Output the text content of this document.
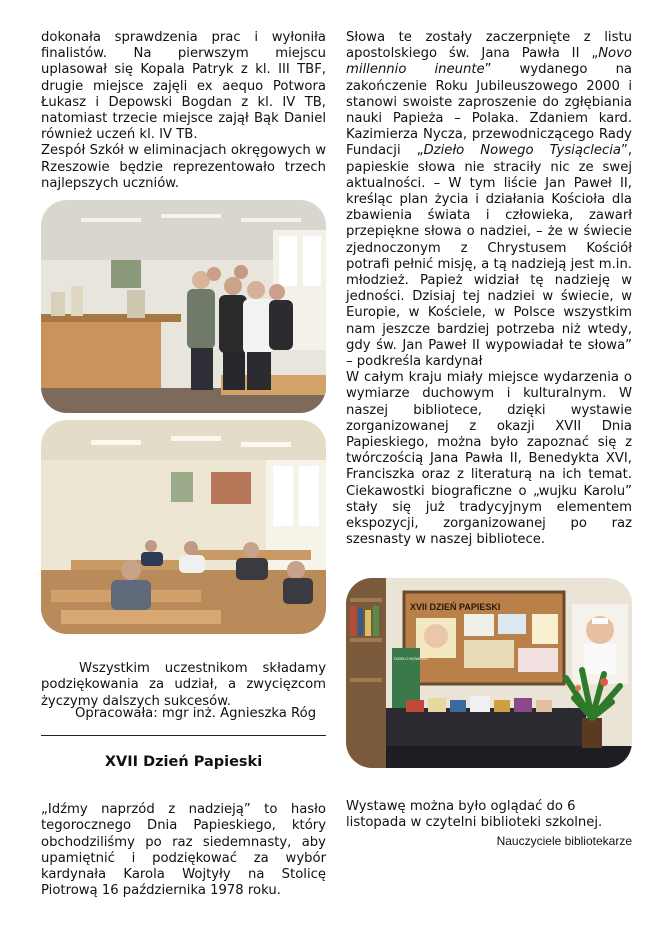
dokonała sprawdzenia prac i wyłoniła finalistów. Na pierwszym miejscu uplasował się Kopala Patryk z kl. III TBF, drugie miejsce zajęli ex aequo Potwora Łukasz i Depowski Bogdan z kl. IV TB, natomiast trzecie miejsce zajął Bąk Daniel również uczeń kl. IV TB.

Zespół Szkół w eliminacjach okręgowych w Rzeszowie będzie reprezentowało trzech najlepszych uczniów.

Wszystkim uczestnikom składamy podziękowania za udział, a zwycięzcom życzymy dalszych sukcesów.

Opracowała: mgr inż. Agnieszka Róg
XVII Dzień Papieski

„Idźmy naprzód z nadzieją” to hasło tegorocznego Dnia Papieskiego, który obchodziliśmy po raz siedemnasty, aby upamiętnić i podziękować za wybór kardynała Karola Wojtyły na Stolicę Piotrową 16 października 1978 roku.

Słowa te zostały zaczerpnięte z listu apostolskiego św. Jana Pawła II „Novo millennio ineunte” wydanego na zakończenie Roku Jubileuszowego 2000 i stanowi swoiste zaproszenie do zgłębiania nauki Papieża – Polaka. Zdaniem kard. Kazimierza Nycza, przewodniczącego Rady Fundacji „Dzieło Nowego Tysiąclecia”, papieskie słowa nie straciły nic ze swej aktualności. – W tym liście Jan Paweł II, kreśląc plan życia i działania Kościoła dla zbawienia świata i człowieka, zawarł przepiękne słowa o nadziei, – że w świecie zjednoczonym z Chrystusem Kościół potrafi pełnić misję, a tą nadzieją jest m.in. młodzież. Papież widział tę nadzieję w jedności. Dzisiaj tej nadziei w świecie, w Europie, w Kościele, w Polsce wszystkim nam jeszcze bardziej potrzeba niż wtedy, gdy św. Jan Paweł II wypowiadał te słowa” – podkreśla kardynał

W całym kraju miały miejsce wydarzenia o wymiarze duchowym i kulturalnym. W naszej bibliotece, dzięki wystawie zorganizowanej z okazji XVII Dnia Papieskiego, można było zapoznać się z twórczością Jana Pawła II, Benedykta XVI, Franciszka oraz z literaturą na ich temat. Ciekawostki biograficzne o „wujku Karolu” stały się już tradycyjnym elementem ekspozycji, zorganizowanej po raz szesnasty w naszej bibliotece.

XVII DZIEŃ PAPIESKI
DZIEŁO NOWEGO

Wystawę można było oglądać do 6 listopada w czytelni biblioteki szkolnej.

Nauczyciele bibliotekarze
